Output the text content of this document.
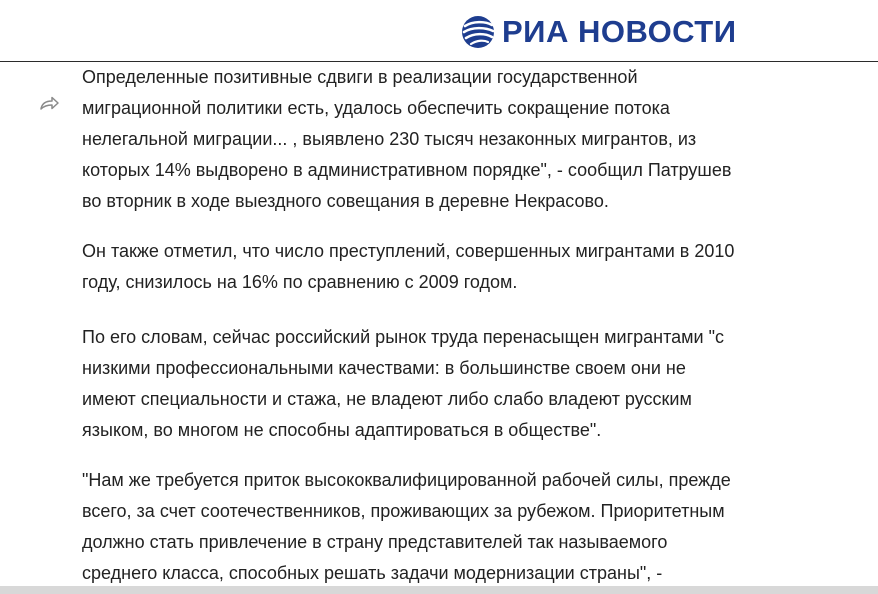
РИА НОВОСТИ

Определенные позитивные сдвиги в реализации государственной
миграционной политики есть, удалось обеспечить сокращение потока
нелегальной миграции... , выявлено 230 тысяч незаконных мигрантов, из
которых 14% выдворено в административном порядке", - сообщил Патрушев
во вторник в ходе выездного совещания в деревне Некрасово.

Он также отметил, что число преступлений, совершенных мигрантами в 2010
году, снизилось на 16% по сравнению с 2009 годом.

По его словам, сейчас российский рынок труда перенасыщен мигрантами "с
низкими профессиональными качествами: в большинстве своем они не
имеют специальности и стажа, не владеют либо слабо владеют русским
языком, во многом не способны адаптироваться в обществе".

"Нам же требуется приток высококвалифицированной рабочей силы, прежде
всего, за счет соотечественников, проживающих за рубежом. Приоритетным
должно стать привлечение в страну представителей так называемого
среднего класса, способных решать задачи модернизации страны", -
